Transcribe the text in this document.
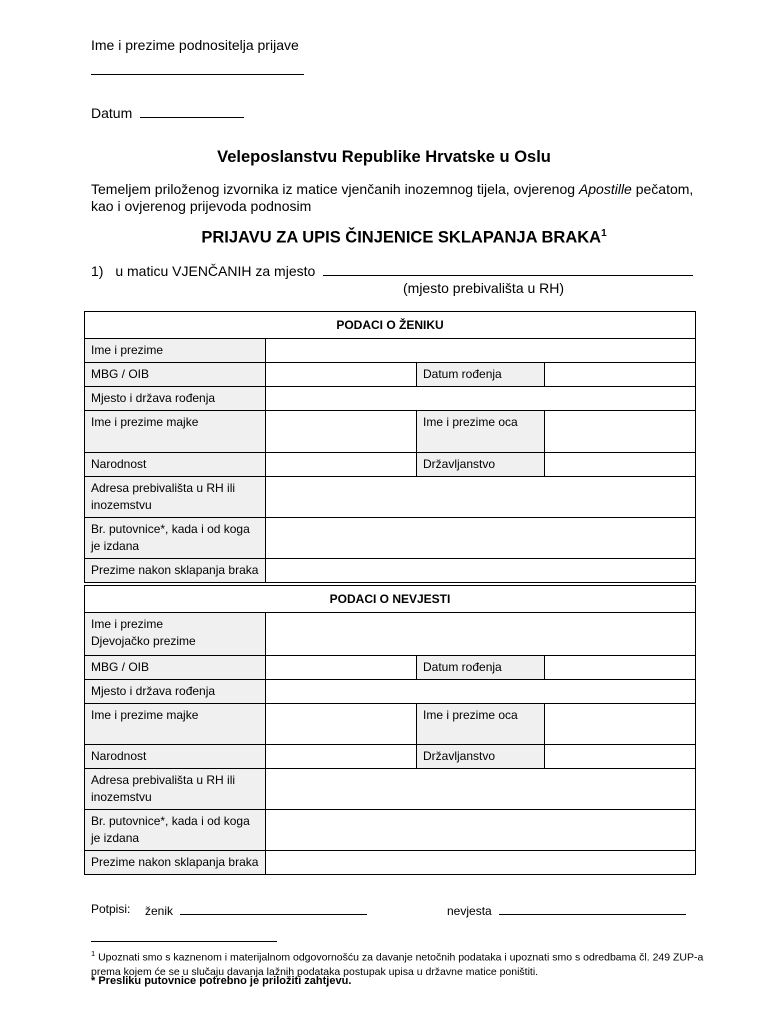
Ime i prezime podnositelja prijave
Datum
Veleposlanstvu Republike Hrvatske u Oslu
Temeljem priloženog izvornika iz matice vjenčanih inozemnog tijela, ovjerenog Apostille pečatom,
kao i ovjerenog prijevoda podnosim
PRIJAVU ZA UPIS ČINJENICE SKLAPANJA BRAKA$^1$
1) u maticu VJENČANIH za mjesto
(mjesto prebivališta u RH)
PODACI O ŽENIKU			
Ime i prezime			
MBG / OIB		Datum rođenja	
Mjesto i država rođenja			
Ime i prezime majke		Ime i prezime oca	
Narodnost		Državljanstvo	
Adresa prebivališta u RH ili inozemstvu			
Br. putovnice*, kada i od koga je izdana			
Prezime nakon sklapanja braka			
PODACI O NEVJESTI			

Ime i prezime
Djevojačko prezime			

MBG / OIB		Datum rođenja	
Mjesto i država rođenja			
Ime i prezime majke		Ime i prezime oca	
Narodnost		Državljanstvo	
Adresa prebivališta u RH ili inozemstvu			
Br. putovnice*, kada i od koga je izdana			
Prezime nakon sklapanja braka			
Potpisi: ženik	nevjesta
$^1$ Upoznati smo s kaznenom i materijalnom odgovornošću za davanje netočnih podataka i upoznati smo s odredbama čl. 249 ZUP-a prema kojem će se u slučaju davanja lažnih podataka postupak upisa u državne matice poništiti.
* Presliku putovnice potrebno je priložiti zahtjevu.
